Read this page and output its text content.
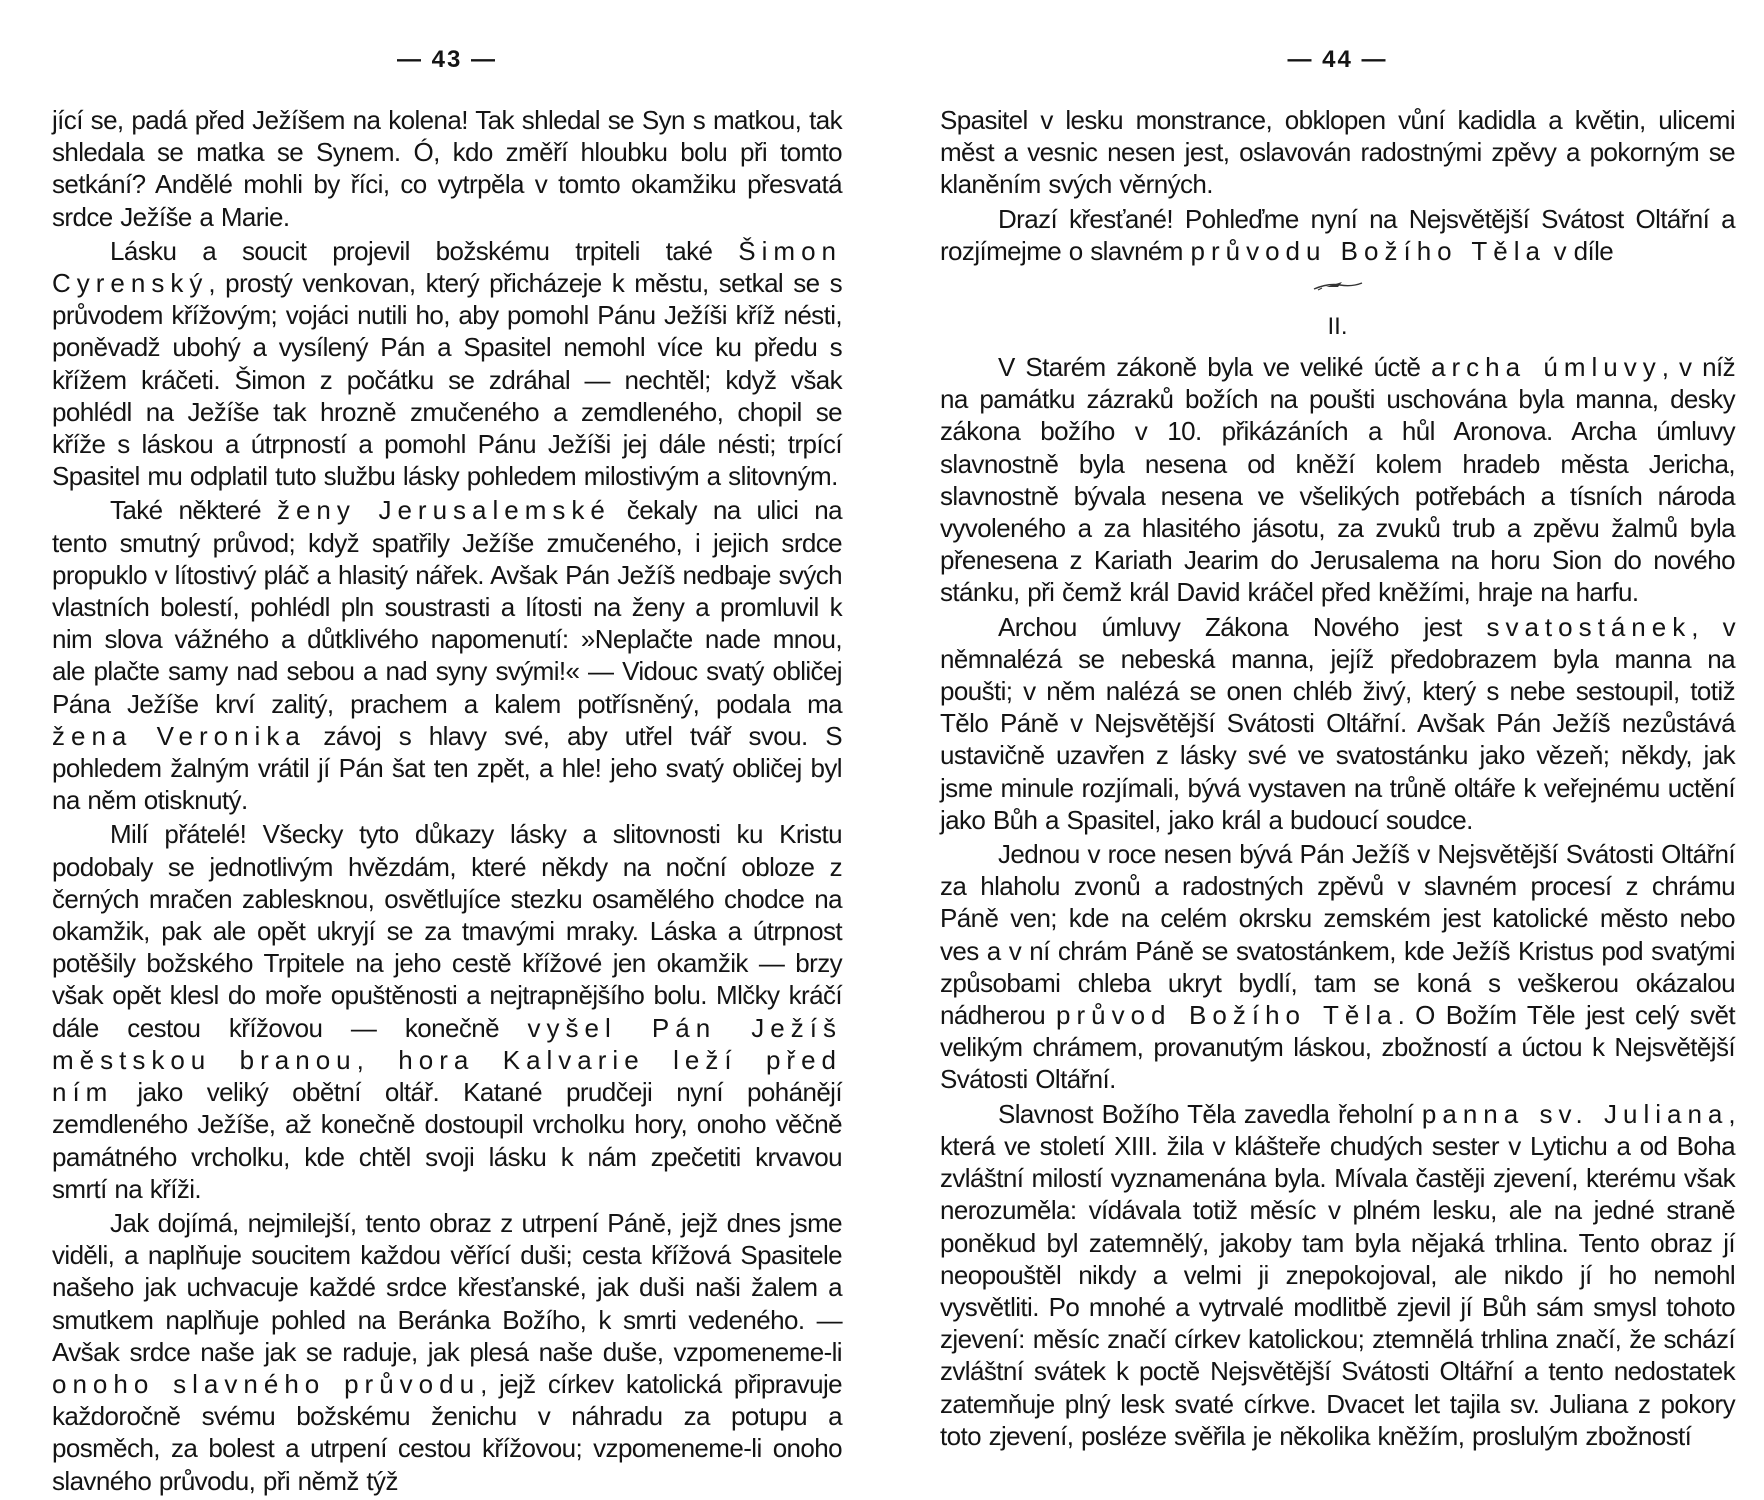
— 43 —

jící se, padá před Ježíšem na kolena! Tak shledal se Syn s matkou, tak shledala se matka se Synem. Ó, kdo změří hloubku bolu při tomto setkání? Andělé mohli by říci, co vytrpěla v tomto okamžiku přesvatá srdce Ježíše a Marie.

Lásku a soucit projevil božskému trpiteli také Šimon Cyrenský, prostý venkovan, který přicházeje k městu, setkal se s průvodem křížovým; vojáci nutili ho, aby pomohl Pánu Ježíši kříž nésti, poněvadž ubohý a vysílený Pán a Spasitel nemohl více ku předu s křížem kráčeti. Šimon z počátku se zdráhal — nechtěl; když však pohlédl na Ježíše tak hrozně zmučeného a zemdleného, chopil se kříže s láskou a útrpností a pomohl Pánu Ježíši jej dále nésti; trpící Spasitel mu odplatil tuto službu lásky pohledem milostivým a slitovným.

Také některé ženy Jerusalemské čekaly na ulici na tento smutný průvod; když spatřily Ježíše zmučeného, i jejich srdce propuklo v lítostivý pláč a hlasitý nářek. Avšak Pán Ježíš nedbaje svých vlastních bolestí, pohlédl pln soustrasti a lítosti na ženy a promluvil k nim slova vážného a důtklivého napomenutí: »Neplačte nade mnou, ale plačte samy nad sebou a nad syny svými!« — Vidouc svatý obličej Pána Ježíše krví zalitý, prachem a kalem potřísněný, podala ma žena Veronika závoj s hlavy své, aby utřel tvář svou. S pohledem žalným vrátil jí Pán šat ten zpět, a hle! jeho svatý obličej byl na něm otisknutý.

Milí přátelé! Všecky tyto důkazy lásky a slitovnosti ku Kristu podobaly se jednotlivým hvězdám, které někdy na noční obloze z černých mračen zablesknou, osvětlujíce stezku osamělého chodce na okamžik, pak ale opět ukryjí se za tmavými mraky. Láska a útrpnost potěšily božského Trpitele na jeho cestě křížové jen okamžik — brzy však opět klesl do moře opuštěnosti a nejtrapnějšího bolu. Mlčky kráčí dále cestou křížovou — konečně vyšel Pán Ježíš městskou branou, hora Kalvarie leží před ním jako veliký obětní oltář. Katané prudčeji nyní pohánějí zemdleného Ježíše, až konečně dostoupil vrcholku hory, onoho věčně památného vrcholku, kde chtěl svoji lásku k nám zpečetiti krvavou smrtí na kříži.

Jak dojímá, nejmilejší, tento obraz z utrpení Páně, jejž dnes jsme viděli, a naplňuje soucitem každou věřící duši; cesta křížová Spasitele našeho jak uchvacuje každé srdce křesťanské, jak duši naši žalem a smutkem naplňuje pohled na Beránka Božího, k smrti vedeného. — Avšak srdce naše jak se raduje, jak plesá naše duše, vzpomeneme-li onoho slavného průvodu, jejž církev katolická připravuje každoročně svému božskému ženichu v náhradu za potupu a posměch, za bolest a utrpení cestou křížovou; vzpomeneme-li onoho slavného průvodu, při němž týž

— 44 —

Spasitel v lesku monstrance, obklopen vůní kadidla a květin, ulicemi měst a vesnic nesen jest, oslavován radostnými zpěvy a pokorným se klaněním svých věrných.

Drazí křesťané! Pohleďme nyní na Nejsvětější Svátost Oltářní a rozjímejme o slavném průvodu Božího Těla v díle

II.

V Starém zákoně byla ve veliké úctě archa úmluvy, v níž na památku zázraků božích na poušti uschována byla manna, desky zákona božího v 10. přikázáních a hůl Aronova. Archa úmluvy slavnostně byla nesena od kněží kolem hradeb města Jericha, slavnostně bývala nesena ve všelikých potřebách a tísních národa vyvoleného a za hlasitého jásotu, za zvuků trub a zpěvu žalmů byla přenesena z Kariath Jearim do Jerusalema na horu Sion do nového stánku, při čemž král David kráčel před kněžími, hraje na harfu.

Archou úmluvy Zákona Nového jest svatostánek, v němnalézá se nebeská manna, jejíž předobrazem byla manna na poušti; v něm nalézá se onen chléb živý, který s nebe sestoupil, totiž Tělo Páně v Nejsvětější Svátosti Oltářní. Avšak Pán Ježíš nezůstává ustavičně uzavřen z lásky své ve svatostánku jako vězeň; někdy, jak jsme minule rozjímali, bývá vystaven na trůně oltáře k veřejnému uctění jako Bůh a Spasitel, jako král a budoucí soudce.

Jednou v roce nesen bývá Pán Ježíš v Nejsvětější Svátosti Oltářní za hlaholu zvonů a radostných zpěvů v slavném procesí z chrámu Páně ven; kde na celém okrsku zemském jest katolické město nebo ves a v ní chrám Páně se svatostánkem, kde Ježíš Kristus pod svatými způsobami chleba ukryt bydlí, tam se koná s veškerou okázalou nádherou průvod Božího Těla. O Božím Těle jest celý svět velikým chrámem, provanutým láskou, zbožností a úctou k Nejsvětější Svátosti Oltářní.

Slavnost Božího Těla zavedla řeholní panna sv. Juliana, která ve století XIII. žila v klášteře chudých sester v Lytichu a od Boha zvláštní milostí vyznamenána byla. Mívala častěji zjevení, kterému však nerozuměla: vídávala totiž měsíc v plném lesku, ale na jedné straně poněkud byl zatemnělý, jakoby tam byla nějaká trhlina. Tento obraz jí neopouštěl nikdy a velmi ji znepokojoval, ale nikdo jí ho nemohl vysvětliti. Po mnohé a vytrvalé modlitbě zjevil jí Bůh sám smysl tohoto zjevení: měsíc značí církev katolickou; ztemnělá trhlina značí, že schází zvláštní svátek k poctě Nejsvětější Svátosti Oltářní a tento nedostatek zatemňuje plný lesk svaté církve. Dvacet let tajila sv. Juliana z pokory toto zjevení, posléze svěřila je několika kněžím, proslulým zbožností
